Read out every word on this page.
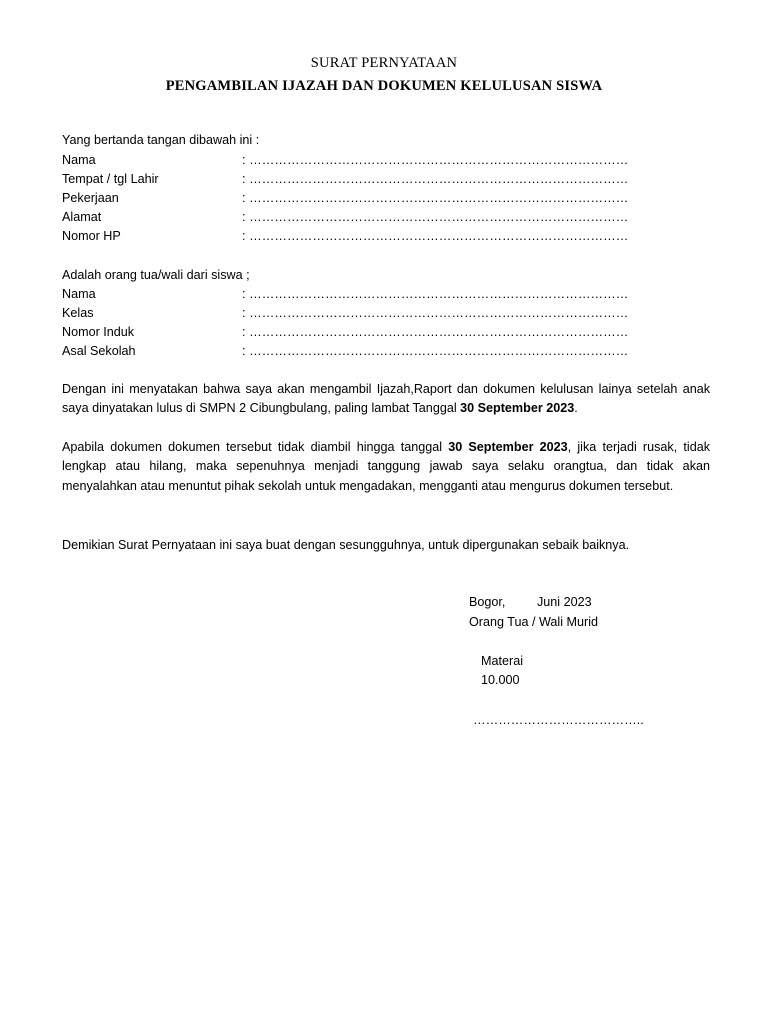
SURAT PERNYATAAN
PENGAMBILAN IJAZAH DAN DOKUMEN KELULUSAN SISWA
Yang bertanda tangan dibawah ini :
Nama	: ………………………………………………………………………………
Tempat / tgl Lahir	: ………………………………………………………………………………
Pekerjaan	: ………………………………………………………………………………
Alamat	: ………………………………………………………………………………
Nomor HP	: ………………………………………………………………………………
Adalah orang tua/wali dari siswa ;
Nama	: ………………………………………………………………………………
Kelas	: ………………………………………………………………………………
Nomor Induk	: ………………………………………………………………………………
Asal Sekolah	: ………………………………………………………………………………
Dengan ini menyatakan bahwa saya akan mengambil Ijazah,Raport dan dokumen kelulusan lainya setelah anak saya dinyatakan lulus di SMPN 2 Cibungbulang, paling lambat Tanggal 30 September 2023.
Apabila dokumen dokumen tersebut tidak diambil hingga tanggal 30 September 2023, jika terjadi rusak, tidak lengkap atau hilang, maka sepenuhnya menjadi tanggung jawab saya selaku orangtua, dan tidak akan menyalahkan atau menuntut pihak sekolah untuk mengadakan, mengganti atau mengurus dokumen tersebut.
Demikian Surat Pernyataan ini saya buat dengan sesungguhnya, untuk dipergunakan sebaik baiknya.
Bogor,	Juni 2023
Orang Tua / Wali Murid
Materai
10.000
…………………………………..
